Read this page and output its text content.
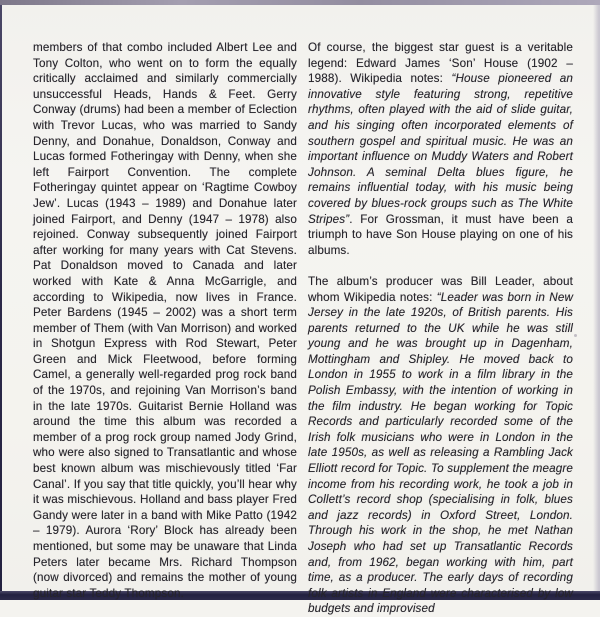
members of that combo included Albert Lee and Tony Colton, who went on to form the equally critically acclaimed and similarly commercially unsuccessful Heads, Hands & Feet. Gerry Conway (drums) had been a member of Eclection with Trevor Lucas, who was married to Sandy Denny, and Donahue, Donaldson, Conway and Lucas formed Fotheringay with Denny, when she left Fairport Convention. The complete Fotheringay quintet appear on ‘Ragtime Cowboy Jew’. Lucas (1943 – 1989) and Donahue later joined Fairport, and Denny (1947 – 1978) also rejoined. Conway subsequently joined Fairport after working for many years with Cat Stevens. Pat Donaldson moved to Canada and later worked with Kate & Anna McGarrigle, and according to Wikipedia, now lives in France. Peter Bardens (1945 – 2002) was a short term member of Them (with Van Morrison) and worked in Shotgun Express with Rod Stewart, Peter Green and Mick Fleetwood, before forming Camel, a generally well-regarded prog rock band of the 1970s, and rejoining Van Morrison’s band in the late 1970s. Guitarist Bernie Holland was around the time this album was recorded a member of a prog rock group named Jody Grind, who were also signed to Transatlantic and whose best known album was mischievously titled ‘Far Canal’. If you say that title quickly, you’ll hear why it was mischievous. Holland and bass player Fred Gandy were later in a band with Mike Patto (1942 – 1979). Aurora ‘Rory’ Block has already been mentioned, but some may be unaware that Linda Peters later became Mrs. Richard Thompson (now divorced) and remains the mother of young guitar star Teddy Thompson.

Of course, the biggest star guest is a veritable legend: Edward James ‘Son’ House (1902 – 1988). Wikipedia notes: “House pioneered an innovative style featuring strong, repetitive rhythms, often played with the aid of slide guitar, and his singing often incorporated elements of southern gospel and spiritual music. He was an important influence on Muddy Waters and Robert Johnson. A seminal Delta blues figure, he remains influential today, with his music being covered by blues-rock groups such as The White Stripes”. For Grossman, it must have been a triumph to have Son House playing on one of his albums.

The album’s producer was Bill Leader, about whom Wikipedia notes: “Leader was born in New Jersey in the late 1920s, of British parents. His parents returned to the UK while he was still young and he was brought up in Dagenham, Mottingham and Shipley. He moved back to London in 1955 to work in a film library in the Polish Embassy, with the intention of working in the film industry. He began working for Topic Records and particularly recorded some of the Irish folk musicians who were in London in the late 1950s, as well as releasing a Rambling Jack Elliott record for Topic. To supplement the meagre income from his recording work, he took a job in Collett’s record shop (specialising in folk, blues and jazz records) in Oxford Street, London. Through his work in the shop, he met Nathan Joseph who had set up Transatlantic Records and, from 1962, began working with him, part time, as a producer. The early days of recording folk artists in England were characterised by low budgets and improvised
